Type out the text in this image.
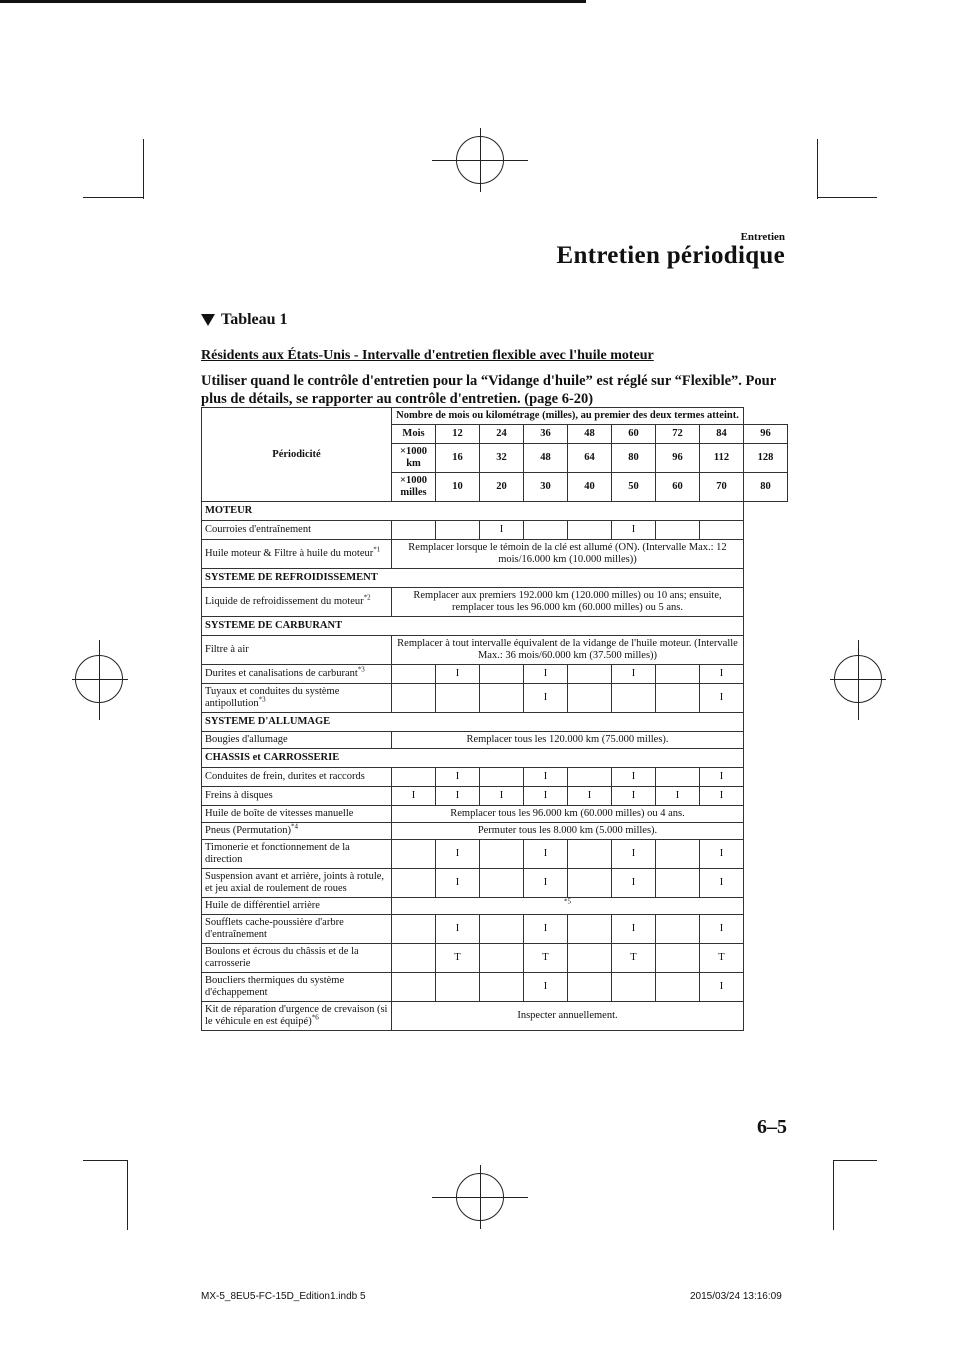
Entretien
Entretien périodique
Tableau 1
Résidents aux États-Unis - Intervalle d'entretien flexible avec l'huile moteur
Utiliser quand le contrôle d'entretien pour la “Vidange d'huile” est réglé sur “Flexible”. Pour plus de détails, se rapporter au contrôle d'entretien. (page 6-20)
Périodicité	Nombre de mois ou kilométrage (milles), au premier des deux termes atteint.								
	Mois	12	24	36	48	60	72	84	96
	×1000 km	16	32	48	64	80	96	112	128
	×1000 milles	10	20	30	40	50	60	70	80
MOTEUR									
Courroies d'entraînement			I			I			
Huile moteur & Filtre à huile du moteur$^{*1}$	Remplacer lorsque le témoin de la clé est allumé (ON). (Intervalle Max.: 12 mois/16.000 km (10.000 milles))								
SYSTEME DE REFROIDISSEMENT									
Liquide de refroidissement du moteur$^{*2}$	Remplacer aux premiers 192.000 km (120.000 milles) ou 10 ans; ensuite, remplacer tous les 96.000 km (60.000 milles) ou 5 ans.								
SYSTEME DE CARBURANT									
Filtre à air	Remplacer à tout intervalle équivalent de la vidange de l'huile moteur. (Intervalle Max.: 36 mois/60.000 km (37.500 milles))								
Durites et canalisations de carburant$^{*3}$		I		I		I		I	
Tuyaux et conduites du système antipollution$^{*3}$				I				I	
SYSTEME D'ALLUMAGE									
Bougies d'allumage	Remplacer tous les 120.000 km (75.000 milles).								
CHASSIS et CARROSSERIE									
Conduites de frein, durites et raccords		I		I		I		I	
Freins à disques	I	I	I	I	I	I	I	I	
Huile de boîte de vitesses manuelle	Remplacer tous les 96.000 km (60.000 milles) ou 4 ans.								
Pneus (Permutation)$^{*4}$	Permuter tous les 8.000 km (5.000 milles).								
Timonerie et fonctionnement de la direction		I		I		I		I	
Suspension avant et arrière, joints à rotule, et jeu axial de roulement de roues		I		I		I		I	
Huile de différentiel arrière	$^{*5}$
Soufflets cache-poussière d'arbre d'entraînement		I		I		I		I	
Boulons et écrous du châssis et de la carrosserie		T		T		T		T	
Boucliers thermiques du système d'échappement				I				I	
Kit de réparation d'urgence de crevaison (si le véhicule en est équipé)$^{*6}$	Inspecter annuellement.								
6–5
MX-5_8EU5-FC-15D_Edition1.indb 5	2015/03/24 13:16:09
